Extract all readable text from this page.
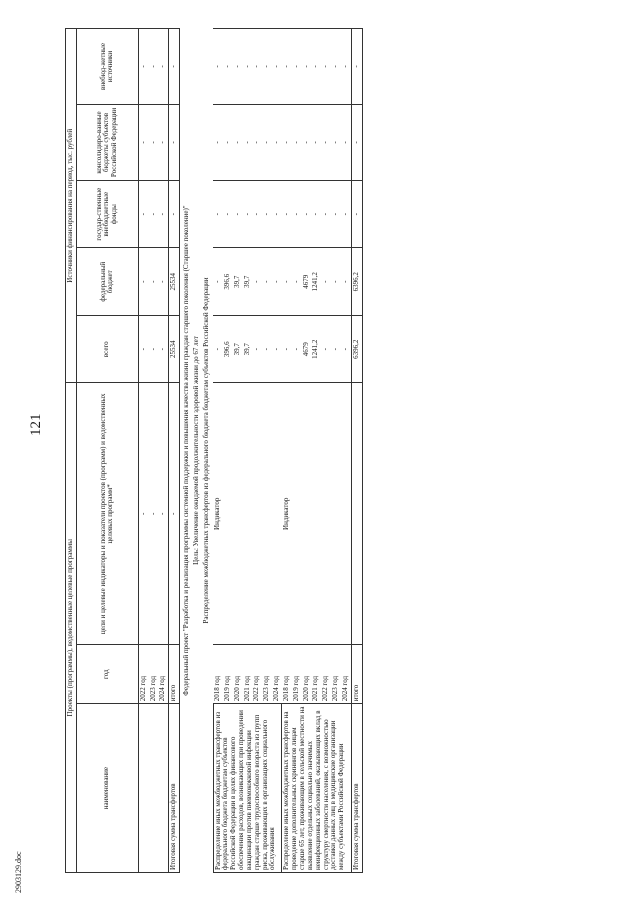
121
2903129.doc
Проекты (программы), ведомственные целевые программы			Источники финансирования на период, тыс. рублей				
наименование	год	цели и целевые индикаторы и показатели проектов (программ) и ведомственных целевых программ*	всего	федеральный бюджет	государ-ственные внебюджетные фонды	консолидиро-ванные бюджеты субъектов Российской Федерации	внебюд-жетные источники
	2022 год	-	-	-	-	-	-
	2023 год	-	-	-	-	-	-
	2024 год	-	-	-	-	-	-
Итоговая сумма трансфертов	итого	-	25534	25534	-	-	-
Федеральный проект "Разработка и реализация программы системной поддержки и повышения качества жизни граждан старшего поколения (Старшее поколение)"							
Цель: Увеличение ожидаемой продолжительности здоровой жизни до 67 лет							
Распределение межбюджетных трансфертов из федерального бюджета бюджетам субъектов Российской Федерации							
Распределение иных межбюджетных трансфертов из федерального бюджета бюджетам субъектов Российской Федерации в целях финансового обеспечения расходов, возникающих при проведении вакцинации против пневмококковой инфекции граждан старше трудоспособного возраста из групп риска, проживающих в организациях социального обслуживания	2018 год	Индикатор	-	-	-	-	-
	2019 год		396,6	396,6	-	-	-
	2020 год		39,7	39,7	-	-	-
	2021 год		39,7	39,7	-	-	-
	2022 год		-	-	-	-	-
	2023 год		-	-	-	-	-
	2024 год		-	-	-	-	-
Распределение иных межбюджетных трансфертов на проведение дополнительных скринингов лицам старше 65 лет, проживающим в сельской местности на выявление отдельных социально значимых неинфекционных заболеваний, оказывающих вклад в структуру смертности населения, с возможностью доставки данных лиц в медицинские организации между субъектами Российской Федерации	2018 год	Индикатор	-	-	-	-	-
	2019 год		-	-	-	-	-
	2020 год		4679	4679	-	-	-
	2021 год		1241,2	1241,2	-	-	-
	2022 год		-	-	-	-	-
	2023 год		-	-	-	-	-
	2024 год		-	-	-	-	-
Итоговая сумма трансфертов	итого		6396,2	6396,2	-	-	-
